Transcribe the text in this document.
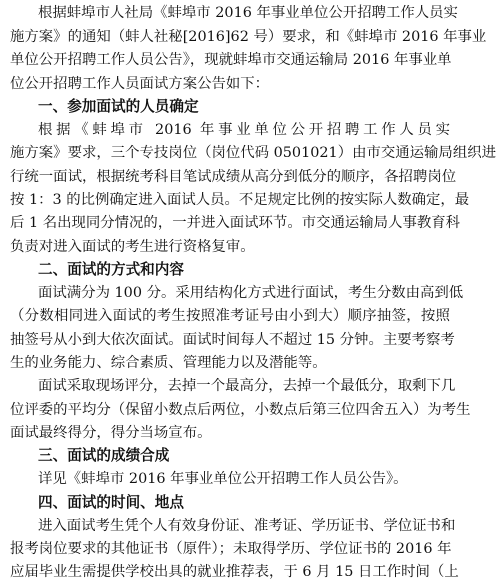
根据蚌埠市人社局《蚌埠市 2016 年事业单位公开招聘工作人员实
施方案》的通知（蚌人社秘[2016]62 号）要求，和《蚌埠市 2016 年事业
单位公开招聘工作人员公告》，现就蚌埠市交通运输局 2016 年事业单
位公开招聘工作人员面试方案公告如下：
一、参加面试的人员确定
根据《蚌埠市 2016 年事业单位公开招聘工作人员实
施方案》要求，三个专技岗位（岗位代码 0501021）由市交通运输局组织进
行统一面试，根据统考科目笔试成绩从高分到低分的顺序，各招聘岗位
按 1：3 的比例确定进入面试人员。不足规定比例的按实际人数确定，最
后 1 名出现同分情况的，一并进入面试环节。市交通运输局人事教育科
负责对进入面试的考生进行资格复审。
二、面试的方式和内容
面试满分为 100 分。采用结构化方式进行面试，考生分数由高到低
（分数相同进入面试的考生按照准考证号由小到大）顺序抽签，按照
抽签号从小到大依次面试。面试时间每人不超过 15 分钟。主要考察考
生的业务能力、综合素质、管理能力以及潜能等。
面试采取现场评分，去掉一个最高分，去掉一个最低分，取剩下几
位评委的平均分（保留小数点后两位，小数点后第三位四舍五入）为考生
面试最终得分，得分当场宣布。
三、面试的成绩合成
详见《蚌埠市 2016 年事业单位公开招聘工作人员公告》。
四、面试的时间、地点
进入面试考生凭个人有效身份证、准考证、学历证书、学位证书和
报考岗位要求的其他证书（原件）；未取得学历、学位证书的 2016 年
应届毕业生需提供学校出具的就业推荐表，于 6 月 15 日工作时间（上
